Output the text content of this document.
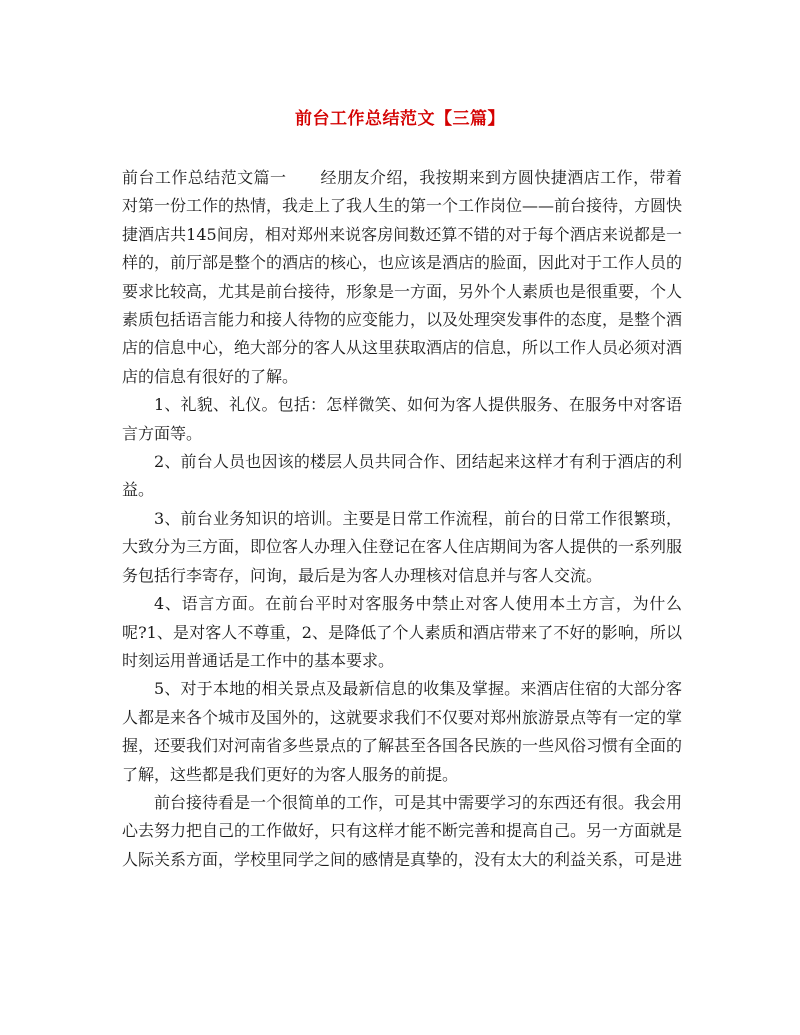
前台工作总结范文【三篇】

前台工作总结范文篇一 经朋友介绍，我按期来到方圆快捷酒店工作，带着对第一份工作的热情，我走上了我人生的第一个工作岗位——前台接待，方圆快捷酒店共145间房，相对郑州来说客房间数还算不错的对于每个酒店来说都是一样的，前厅部是整个的酒店的核心，也应该是酒店的脸面，因此对于工作人员的要求比较高，尤其是前台接待，形象是一方面，另外个人素质也是很重要，个人素质包括语言能力和接人待物的应变能力，以及处理突发事件的态度，是整个酒店的信息中心，绝大部分的客人从这里获取酒店的信息，所以工作人员必须对酒店的信息有很好的了解。

1、礼貌、礼仪。包括：怎样微笑、如何为客人提供服务、在服务中对客语言方面等。

2、前台人员也因该的楼层人员共同合作、团结起来这样才有利于酒店的利益。

3、前台业务知识的培训。主要是日常工作流程，前台的日常工作很繁琐，大致分为三方面，即位客人办理入住登记在客人住店期间为客人提供的一系列服务包括行李寄存，问询，最后是为客人办理核对信息并与客人交流。

4、语言方面。在前台平时对客服务中禁止对客人使用本土方言，为什么呢?1、是对客人不尊重，2、是降低了个人素质和酒店带来了不好的影响，所以时刻运用普通话是工作中的基本要求。

5、对于本地的相关景点及最新信息的收集及掌握。来酒店住宿的大部分客人都是来各个城市及国外的，这就要求我们不仅要对郑州旅游景点等有一定的掌握，还要我们对河南省多些景点的了解甚至各国各民族的一些风俗习惯有全面的了解，这些都是我们更好的为客人服务的前提。

前台接待看是一个很简单的工作，可是其中需要学习的东西还有很。我会用心去努力把自己的工作做好，只有这样才能不断完善和提高自己。另一方面就是人际关系方面，学校里同学之间的感情是真挚的，没有太大的利益关系，可是进
